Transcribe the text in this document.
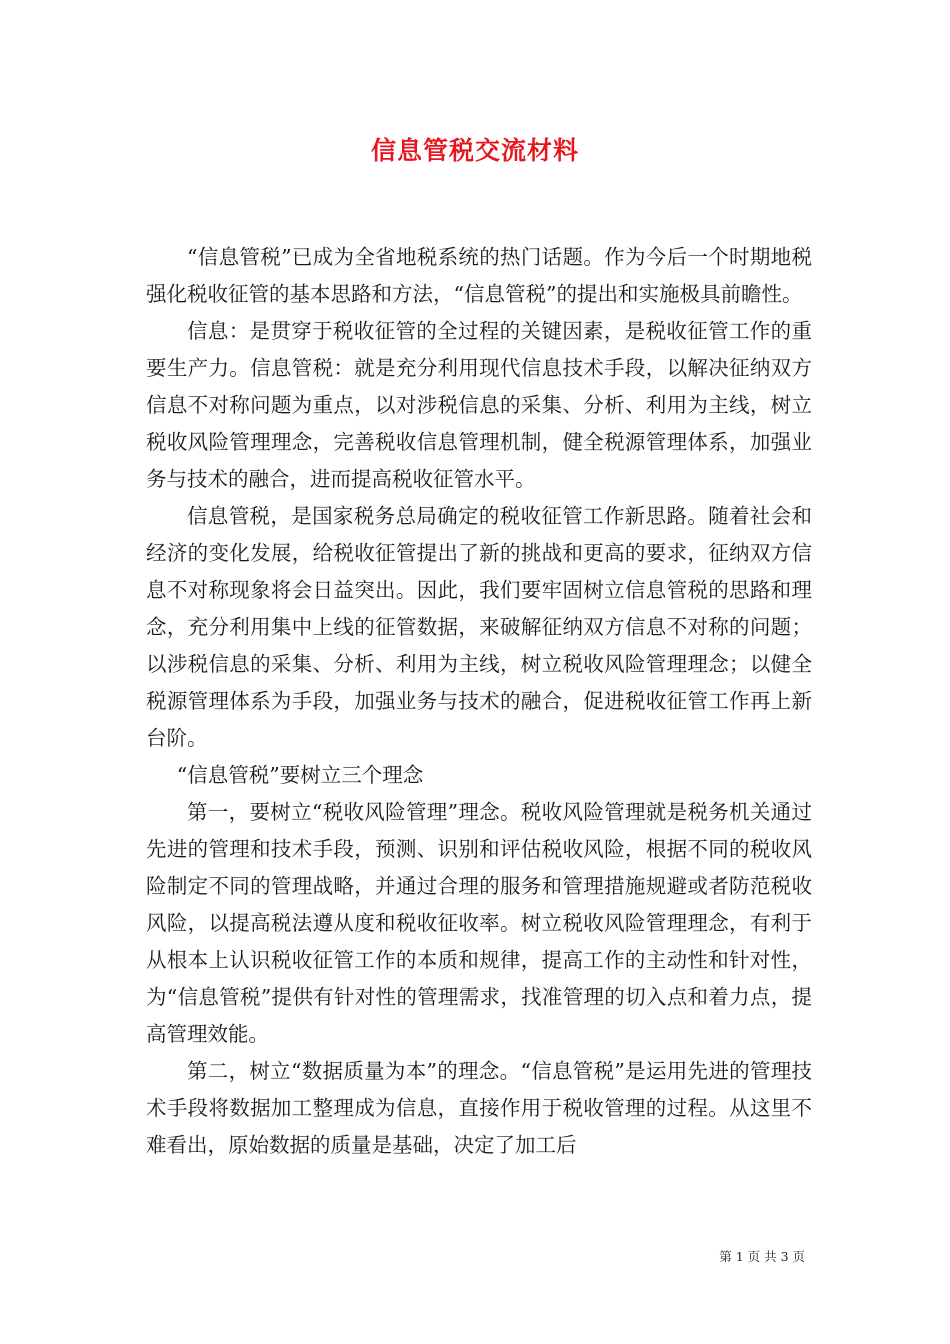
信息管税交流材料

“信息管税”已成为全省地税系统的热门话题。作为今后一个时期地税强化税收征管的基本思路和方法，“信息管税”的提出和实施极具前瞻性。

信息：是贯穿于税收征管的全过程的关键因素，是税收征管工作的重要生产力。信息管税：就是充分利用现代信息技术手段，以解决征纳双方信息不对称问题为重点，以对涉税信息的采集、分析、利用为主线，树立税收风险管理理念，完善税收信息管理机制，健全税源管理体系，加强业务与技术的融合，进而提高税收征管水平。

信息管税，是国家税务总局确定的税收征管工作新思路。随着社会和经济的变化发展，给税收征管提出了新的挑战和更高的要求，征纳双方信息不对称现象将会日益突出。因此，我们要牢固树立信息管税的思路和理念，充分利用集中上线的征管数据，来破解征纳双方信息不对称的问题；以涉税信息的采集、分析、利用为主线，树立税收风险管理理念；以健全税源管理体系为手段，加强业务与技术的融合，促进税收征管工作再上新台阶。

“信息管税”要树立三个理念

第一，要树立“税收风险管理”理念。税收风险管理就是税务机关通过先进的管理和技术手段，预测、识别和评估税收风险，根据不同的税收风险制定不同的管理战略，并通过合理的服务和管理措施规避或者防范税收风险，以提高税法遵从度和税收征收率。树立税收风险管理理念，有利于从根本上认识税收征管工作的本质和规律，提高工作的主动性和针对性，为“信息管税”提供有针对性的管理需求，找准管理的切入点和着力点，提高管理效能。

第二，树立“数据质量为本”的理念。“信息管税”是运用先进的管理技术手段将数据加工整理成为信息，直接作用于税收管理的过程。从这里不难看出，原始数据的质量是基础，决定了加工后

第 1 页 共 3 页
